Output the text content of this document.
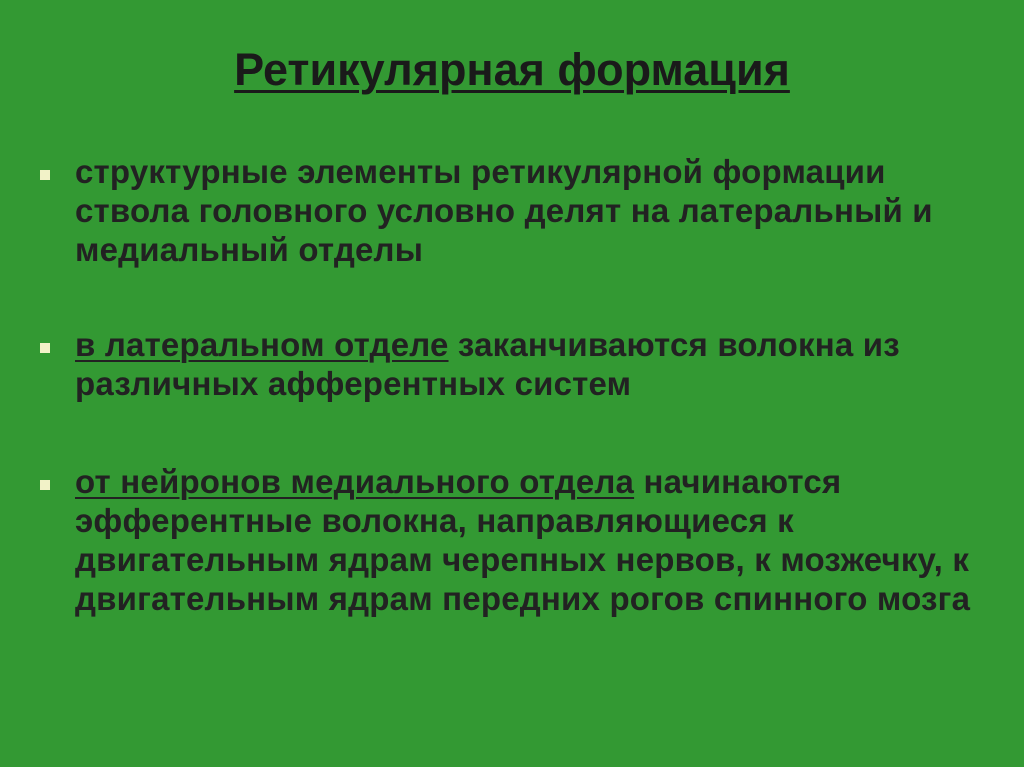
Ретикулярная формация
структурные элементы ретикулярной формации ствола головного условно делят на латеральный и медиальный отделы
в латеральном отделе заканчиваются волокна из различных афферентных систем
от нейронов медиального отдела начинаются эфферентные волокна, направляющиеся к двигательным ядрам черепных нервов, к мозжечку, к двигательным ядрам передних рогов спинного мозга
